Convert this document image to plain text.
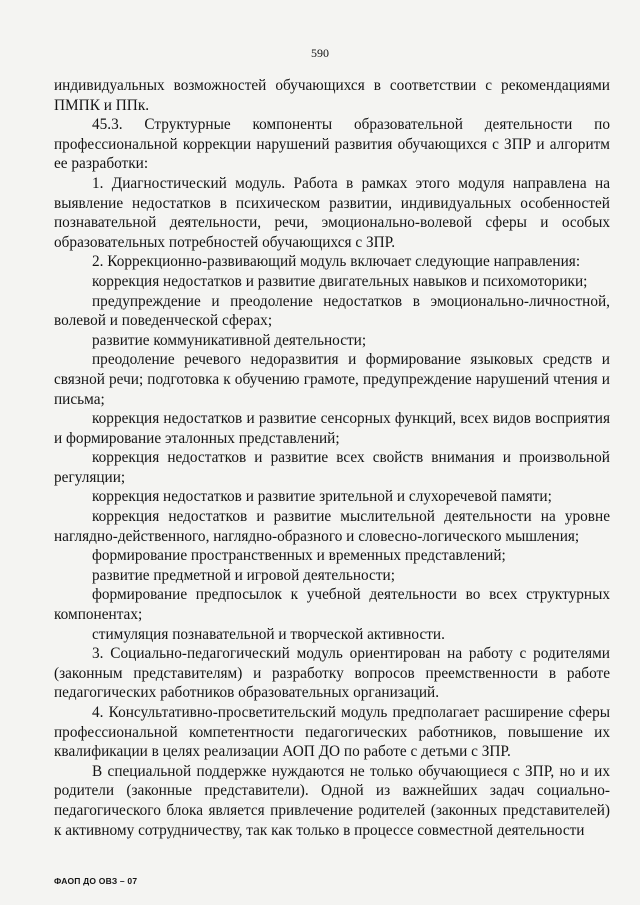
590

индивидуальных возможностей обучающихся в соответствии с рекомендациями ПМПК и ППк.

45.3. Структурные компоненты образовательной деятельности по профессиональной коррекции нарушений развития обучающихся с ЗПР и алгоритм ее разработки:

1. Диагностический модуль. Работа в рамках этого модуля направлена на выявление недостатков в психическом развитии, индивидуальных особенностей познавательной деятельности, речи, эмоционально-волевой сферы и особых образовательных потребностей обучающихся с ЗПР.

2. Коррекционно-развивающий модуль включает следующие направления:

коррекция недостатков и развитие двигательных навыков и психомоторики;

предупреждение и преодоление недостатков в эмоционально-личностной, волевой и поведенческой сферах;

развитие коммуникативной деятельности;

преодоление речевого недоразвития и формирование языковых средств и связной речи; подготовка к обучению грамоте, предупреждение нарушений чтения и письма;

коррекция недостатков и развитие сенсорных функций, всех видов восприятия и формирование эталонных представлений;

коррекция недостатков и развитие всех свойств внимания и произвольной регуляции;

коррекция недостатков и развитие зрительной и слухоречевой памяти;

коррекция недостатков и развитие мыслительной деятельности на уровне наглядно-действенного, наглядно-образного и словесно-логического мышления;

формирование пространственных и временных представлений;

развитие предметной и игровой деятельности;

формирование предпосылок к учебной деятельности во всех структурных компонентах;

стимуляция познавательной и творческой активности.

3. Социально-педагогический модуль ориентирован на работу с родителями (законным представителям) и разработку вопросов преемственности в работе педагогических работников образовательных организаций.

4. Консультативно-просветительский модуль предполагает расширение сферы профессиональной компетентности педагогических работников, повышение их квалификации в целях реализации АОП ДО по работе с детьми с ЗПР.

В специальной поддержке нуждаются не только обучающиеся с ЗПР, но и их родители (законные представители). Одной из важнейших задач социально-педагогического блока является привлечение родителей (законных представителей) к активному сотрудничеству, так как только в процессе совместной деятельности

ФАОП ДО ОВЗ – 07
